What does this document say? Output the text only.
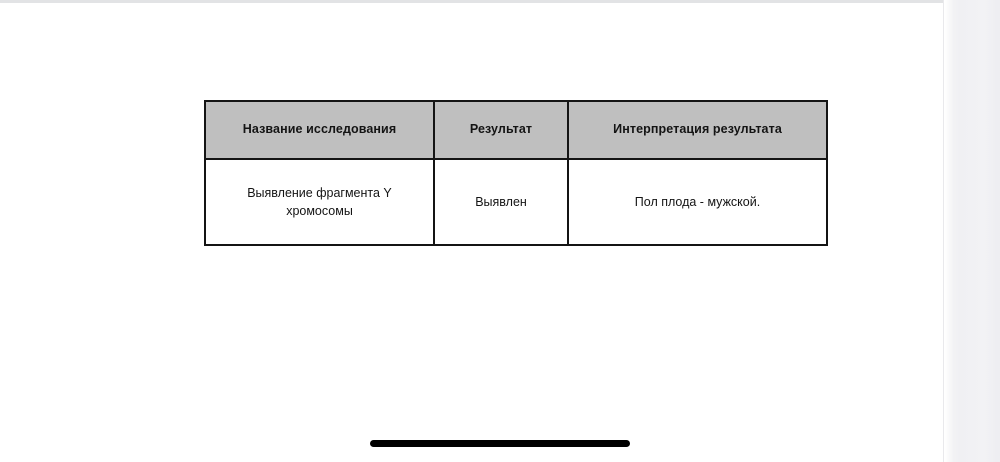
Название исследования	Результат	Интерпретация результата
Выявление фрагмента Y хромосомы	Выявлен	Пол плода - мужской.
